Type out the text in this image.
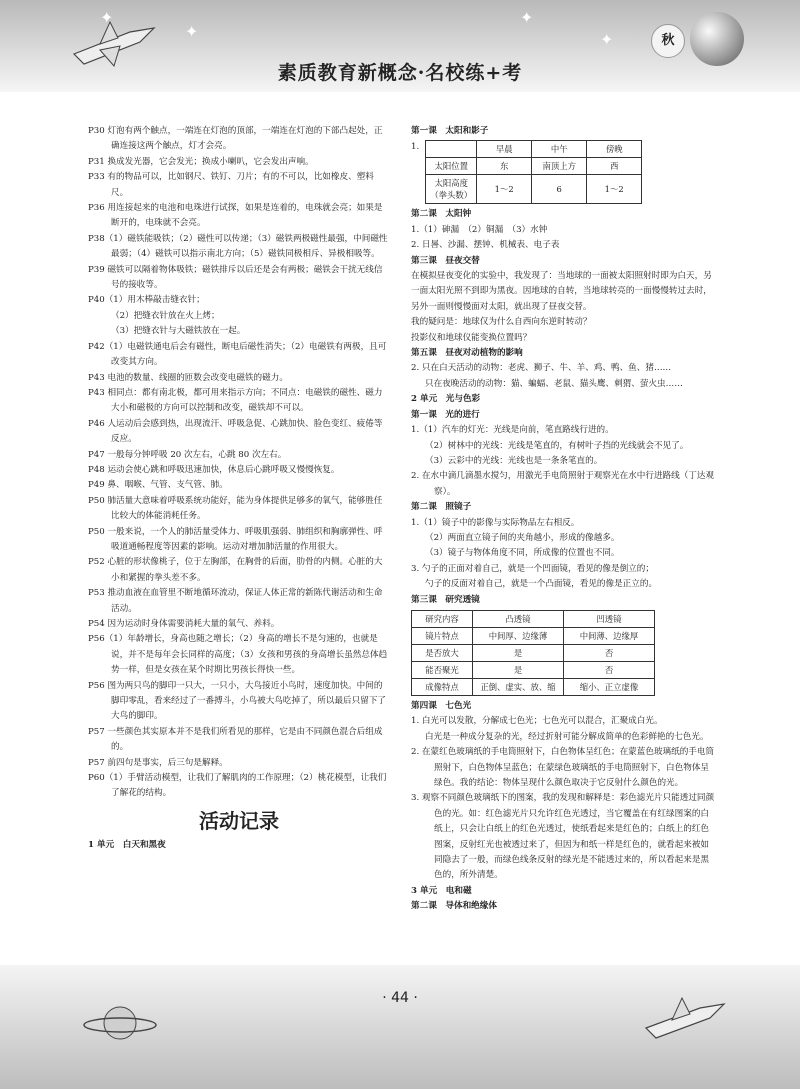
✦
✦
✦
✦	秋
素质教育新概念·名校练+考

P30 灯泡有两个触点，一端连在灯泡的顶部，一端连在灯泡的下部凸起处，正确连接这两个触点，灯才会亮。

P31 换成发光器，它会发光；换成小喇叭，它会发出声响。

P33 有的物品可以，比如钢尺、铁钉、刀片；有的不可以，比如橡皮、塑料尺。

P36 用连接起来的电池和电珠进行试探，如果是连着的，电珠就会亮；如果是断开的，电珠就不会亮。

P38（1）磁铁能吸铁；（2）磁性可以传递；（3）磁铁两极磁性最强，中间磁性最弱；（4）磁铁可以指示南北方向；（5）磁铁同极相斥、异极相吸等。

P39 磁铁可以隔着物体吸铁；磁铁排斥以后还是会有两极；磁铁会干扰无线信号的接收等。

P40（1）用木棒敲击缝衣针；

（2）把缝衣针放在火上烤；

（3）把缝衣针与大磁铁放在一起。

P42（1）电磁铁通电后会有磁性，断电后磁性消失；（2）电磁铁有两极，且可改变其方向。

P43 电池的数量、线圈的匝数会改变电磁铁的磁力。

P43 相同点：都有南北极，都可用来指示方向；不同点：电磁铁的磁性、磁力大小和磁极的方向可以控制和改变，磁铁却不可以。

P46 人运动后会感到热，出现流汗、呼吸急促、心跳加快、脸色变红、疲倦等反应。

P47 一般每分钟呼吸 20 次左右，心跳 80 次左右。

P48 运动会使心跳和呼吸迅速加快，休息后心跳呼吸又慢慢恢复。

P49 鼻、咽喉、气管、支气管、肺。

P50 肺活量大意味着呼吸系统功能好，能为身体提供足够多的氧气，能够胜任比较大的体能消耗任务。

P50 一般来说，一个人的肺活量受体力、呼吸肌强弱、肺组织和胸廓弹性、呼吸道通畅程度等因素的影响。运动对增加肺活量的作用很大。

P52 心脏的形状像桃子，位于左胸部，在胸骨的后面，肋骨的内侧。心脏的大小和紧握的拳头差不多。

P53 推动血液在血管里不断地循环流动，保证人体正常的新陈代谢活动和生命活动。

P54 因为运动时身体需要消耗大量的氧气、养料。

P56（1）年龄增长，身高也随之增长；（2）身高的增长不是匀速的，也就是说，并不是每年会长同样的高度；（3）女孩和男孩的身高增长虽然总体趋势一样，但是女孩在某个时期比男孩长得快一些。

P56 图为两只鸟的脚印一只大，一只小，大鸟接近小鸟时，速度加快。中间的脚印零乱，看来经过了一番搏斗，小鸟被大鸟吃掉了，所以最后只留下了大鸟的脚印。

P57 一些颜色其实原本并不是我们所看见的那样，它是由不同颜色混合后组成的。

P57 前四句是事实，后三句是解释。

P60（1）手臂活动模型，让我们了解肌肉的工作原理；（2）桃花模型，让我们了解花的结构。

活动记录

1 单元　白天和黑夜

第一课　太阳和影子

1.
		早晨	中午	傍晚
太阳位置	东	南顶上方	西
太阳高度（拳头数）	1～2	6	1～2

第二课　太阳钟

1.（1）砷漏　（2）铜漏　（3）水钟

2. 日晷、沙漏、摆钟、机械表、电子表

第三课　昼夜交替

在模拟昼夜变化的实验中，我发现了：当地球的一面被太阳照射时即为白天，另一面太阳光照不到即为黑夜。因地球的自转，当地球转亮的一面慢慢转过去时，另外一面则慢慢面对太阳，就出现了昼夜交替。

我的疑问是：地球仅为什么自西向东逆时转动？

投影仪和地球仪能变换位置吗？

第五课　昼夜对动植物的影响

2. 只在白天活动的动物：老虎、狮子、牛、羊、鸡、鸭、鱼、猪……

只在夜晚活动的动物：猫、蝙蝠、老鼠、猫头鹰、刺猬、萤火虫……

2 单元　光与色彩

第一课　光的进行

1.（1）汽车的灯光：光线是向前，笔直路线行进的。

（2）树林中的光线：光线是笔直的，有树叶子挡的光线就会不见了。

（3）云彩中的光线：光线也是一条条笔直的。

2. 在水中滴几滴墨水搅匀，用激光手电筒照射于观察光在水中行进路线（丁达观察）。

第二课　照镜子

1.（1）镜子中的影像与实际物品左右相反。

（2）两面直立镜子间的夹角越小，形成的像越多。

（3）镜子与物体角度不同，所成像的位置也不同。

3. 勺子的正面对着自己，就是一个凹面镜，看见的像是倒立的；

勺子的反面对着自己，就是一个凸面镜，看见的像是正立的。

第三课　研究透镜

研究内容	凸透镜	凹透镜
镜片特点	中间厚、边缘薄	中间薄、边缘厚
是否放大	是	否
能否聚光	是	否
成像特点	正倒、虚实、放、缩	缩小、正立虚像

第四课　七色光

1. 白光可以发散，分解成七色光；七色光可以混合，汇聚成白光。

白光是一种成分复杂的光，经过折射可能分解成简单的色彩鲜艳的七色光。

2. 在蒙红色玻璃纸的手电筒照射下，白色物体呈红色；在蒙蓝色玻璃纸的手电筒照射下，白色物体呈蓝色；在蒙绿色玻璃纸的手电筒照射下，白色物体呈绿色。我的结论：物体呈现什么颜色取决于它反射什么颜色的光。

3. 观察不同颜色玻璃纸下的图案，我的发现和解释是：彩色滤光片只能透过同颜色的光。如：红色滤光片只允许红色光透过，当它覆盖在有红绿图案的白纸上，只会让白纸上的红色光透过，使纸看起来是红色的；白纸上的红色图案，反射红光也被透过来了，但因为和纸一样是红色的，就看起来被如同隐去了一般，而绿色线条反射的绿光是不能透过来的，所以看起来是黑色的，所外清楚。

3 单元　电和磁

第二课　导体和绝缘体

· 44 ·
